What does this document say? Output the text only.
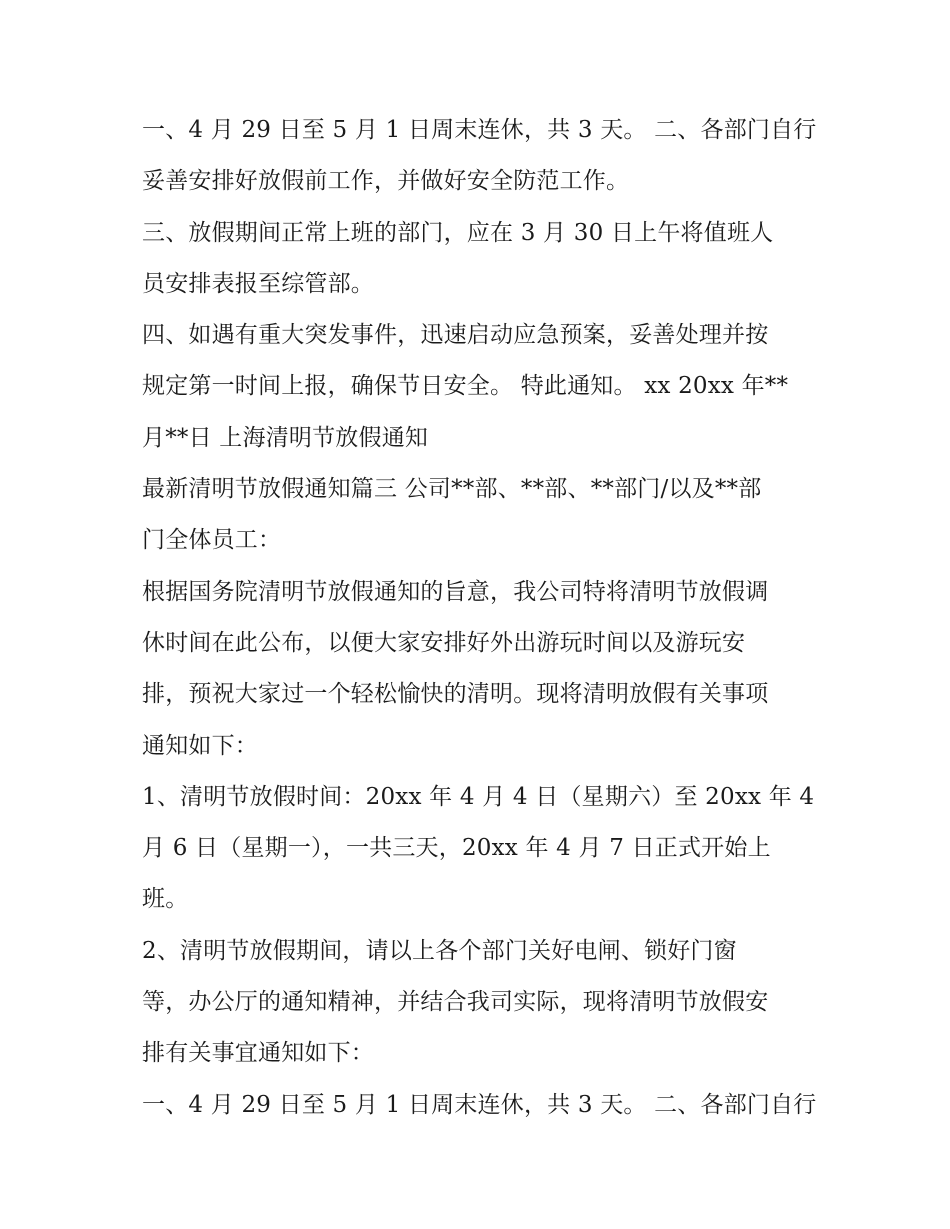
一、4 月 29 日至 5 月 1 日周末连休，共 3 天。 二、各部门自行
妥善安排好放假前工作，并做好安全防范工作。
三、放假期间正常上班的部门，应在 3 月 30 日上午将值班人
员安排表报至综管部。
四、如遇有重大突发事件，迅速启动应急预案，妥善处理并按
规定第一时间上报，确保节日安全。 特此通知。 xx 20xx 年**
月**日 上海清明节放假通知
最新清明节放假通知篇三 公司**部、**部、**部门/以及**部
门全体员工：
根据国务院清明节放假通知的旨意，我公司特将清明节放假调
休时间在此公布，以便大家安排好外出游玩时间以及游玩安
排，预祝大家过一个轻松愉快的清明。现将清明放假有关事项
通知如下：
1、清明节放假时间：20xx 年 4 月 4 日（星期六）至 20xx 年 4
月 6 日（星期一），一共三天，20xx 年 4 月 7 日正式开始上
班。
2、清明节放假期间，请以上各个部门关好电闸、锁好门窗
等，办公厅的通知精神，并结合我司实际，现将清明节放假安
排有关事宜通知如下：
一、4 月 29 日至 5 月 1 日周末连休，共 3 天。 二、各部门自行
